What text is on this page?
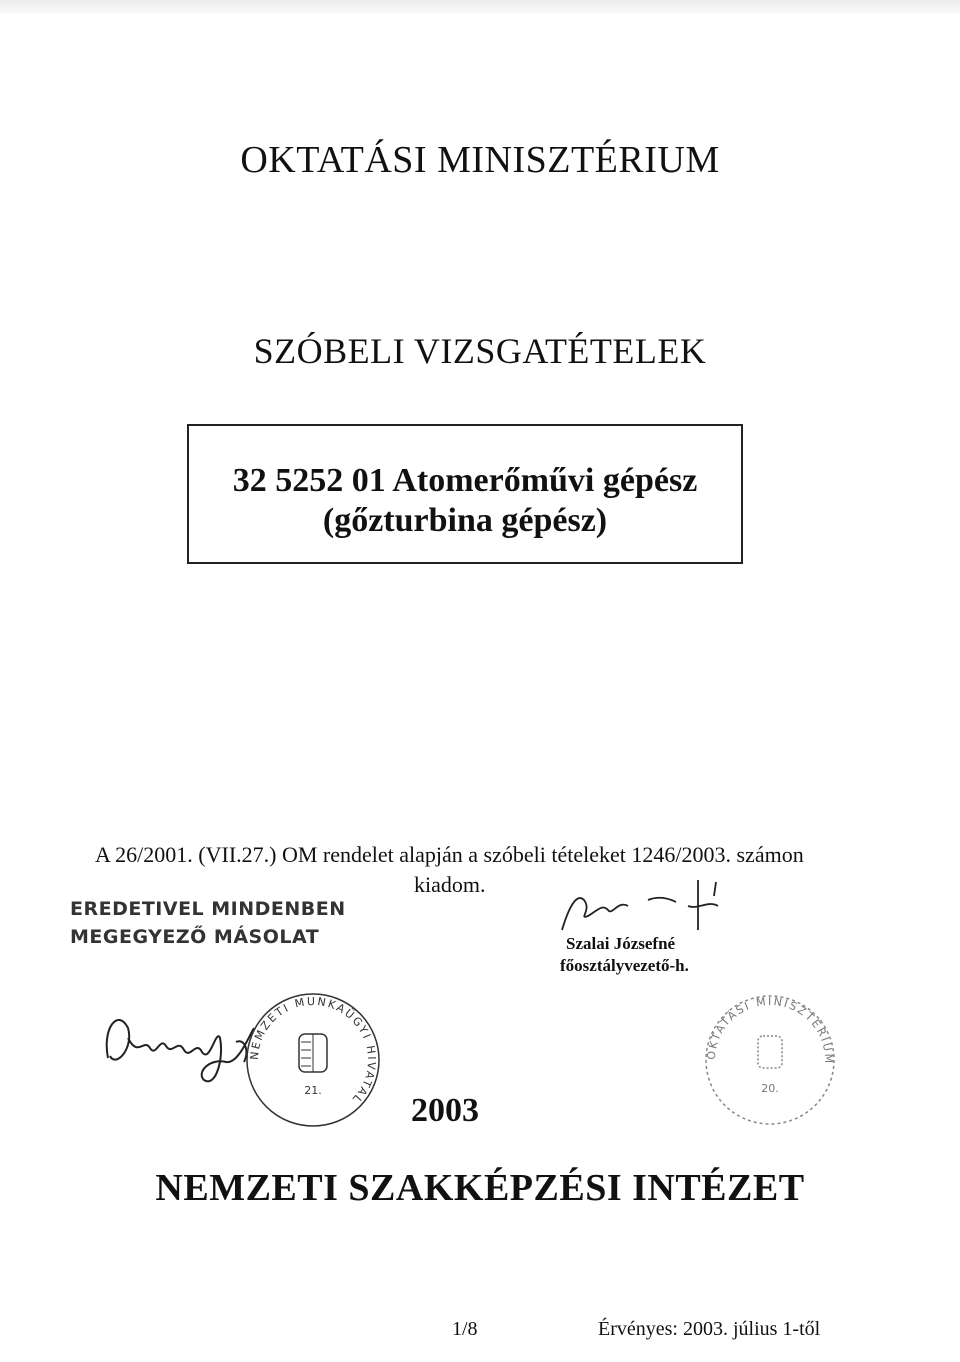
OKTATÁSI MINISZTÉRIUM
SZÓBELI VIZSGATÉTELEK
32 5252 01 Atomerőművi gépész
(gőzturbina gépész)
A 26/2001. (VII.27.) OM rendelet alapján a szóbeli tételeket 1246/2003. számon
kiadom.
EREDETIVEL MINDENBEN
MEGEGYEZŐ MÁSOLAT
NEMZETI MUNKAÜGYI HIVATAL
21.
Szalai Józsefné
főosztályvezető-h.
OKTATÁSI MINISZTÉRIUM
20.
2003
NEMZETI SZAKKÉPZÉSI INTÉZET
1/8	Érvényes: 2003. július 1-től
